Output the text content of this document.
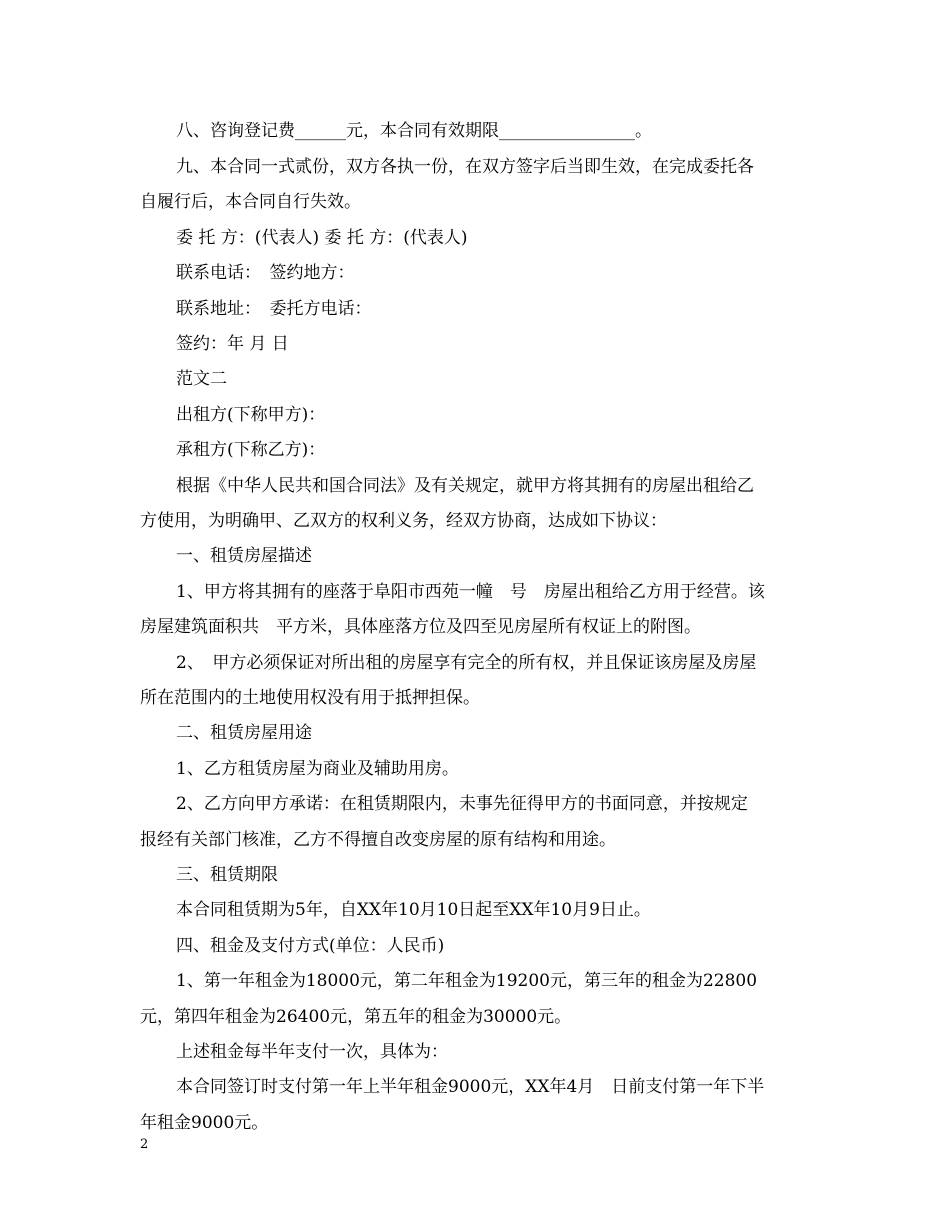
八、咨询登记费______元，本合同有效期限________________。

九、本合同一式贰份，双方各执一份，在双方签字后当即生效，在完成委托各

自履行后，本合同自行失效。

委 托 方：(代表人) 委 托 方：(代表人)

联系电话：　签约地方：

联系地址：　委托方电话：

签约：年 月 日

范文二

出租方(下称甲方)：

承租方(下称乙方)：

根据《中华人民共和国合同法》及有关规定，就甲方将其拥有的房屋出租给乙

方使用，为明确甲、乙双方的权利义务，经双方协商，达成如下协议：

一、租赁房屋描述

1、甲方将其拥有的座落于阜阳市西苑一幢　号　房屋出租给乙方用于经营。该

房屋建筑面积共　平方米，具体座落方位及四至见房屋所有权证上的附图。

2、　甲方必须保证对所出租的房屋享有完全的所有权，并且保证该房屋及房屋

所在范围内的土地使用权没有用于抵押担保。

二、租赁房屋用途

1、乙方租赁房屋为商业及辅助用房。

2、乙方向甲方承诺：在租赁期限内，未事先征得甲方的书面同意，并按规定

报经有关部门核准，乙方不得擅自改变房屋的原有结构和用途。

三、租赁期限

本合同租赁期为5年，自XX年10月10日起至XX年10月9日止。

四、租金及支付方式(单位：人民币)

1、第一年租金为18000元，第二年租金为19200元，第三年的租金为22800

元，第四年租金为26400元，第五年的租金为30000元。

上述租金每半年支付一次，具体为：

本合同签订时支付第一年上半年租金9000元，XX年4月　日前支付第一年下半

年租金9000元。

2
